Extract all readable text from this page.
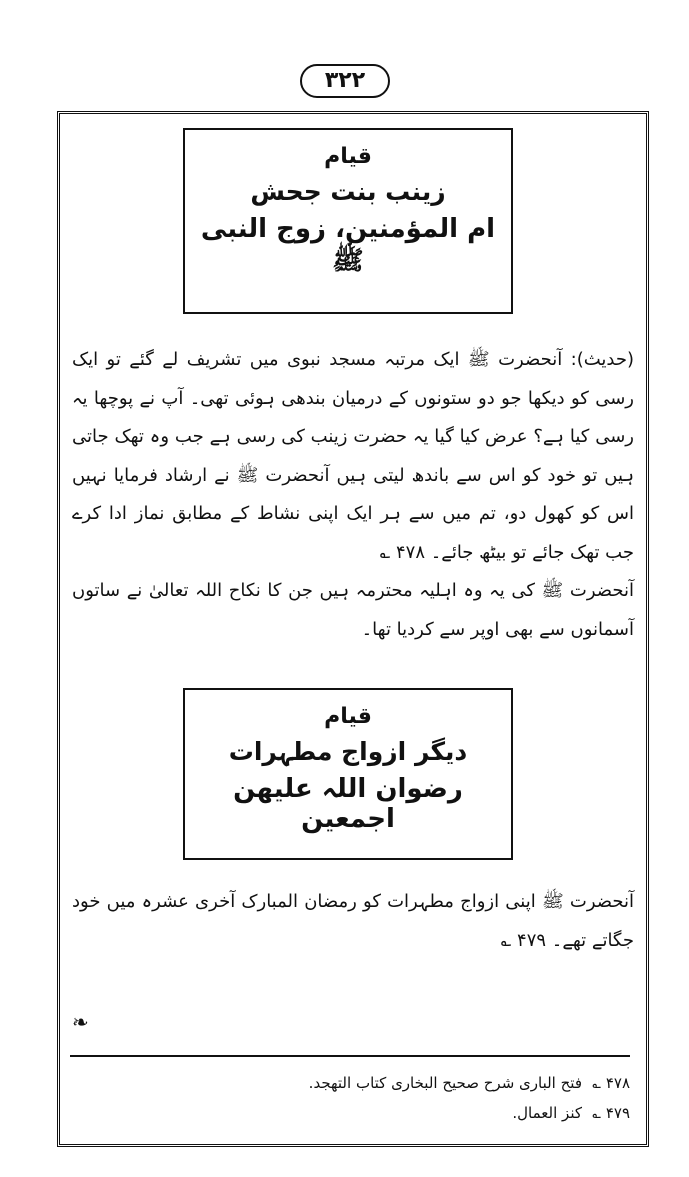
۳۲۲
قیام
زینب بنت جحش
ام المؤمنین، زوج النبی ﷺ
(حدیث): آنحضرت ﷺ ایک مرتبہ مسجد نبوی میں تشریف لے گئے تو ایک رسی کو دیکھا جو دو ستونوں کے درمیان بندھی ہوئی تھی۔ آپ نے پوچھا یہ رسی کیا ہے؟ عرض کیا گیا یہ حضرت زینب کی رسی ہے جب وہ تھک جاتی ہیں تو خود کو اس سے باندھ لیتی ہیں آنحضرت ﷺ نے ارشاد فرمایا نہیں اس کو کھول دو، تم میں سے ہر ایک اپنی نشاط کے مطابق نماز ادا کرے جب تھک جائے تو بیٹھ جائے۔ ۴۷۸ ؎
آنحضرت ﷺ کی یہ وہ اہلیہ محترمہ ہیں جن کا نکاح اللہ تعالیٰ نے ساتوں آسمانوں سے بھی اوپر سے کردیا تھا۔
قیام
دیگر ازواج مطہرات
رضوان اللہ علیھن اجمعین
آنحضرت ﷺ اپنی ازواج مطہرات کو رمضان المبارک آخری عشرہ میں خود جگاتے تھے۔ ۴۷۹ ؎
❧
۴۷۸ ؎
فتح الباری شرح صحیح البخاری کتاب التھجد.
۴۷۹ ؎
کنز العمال.
